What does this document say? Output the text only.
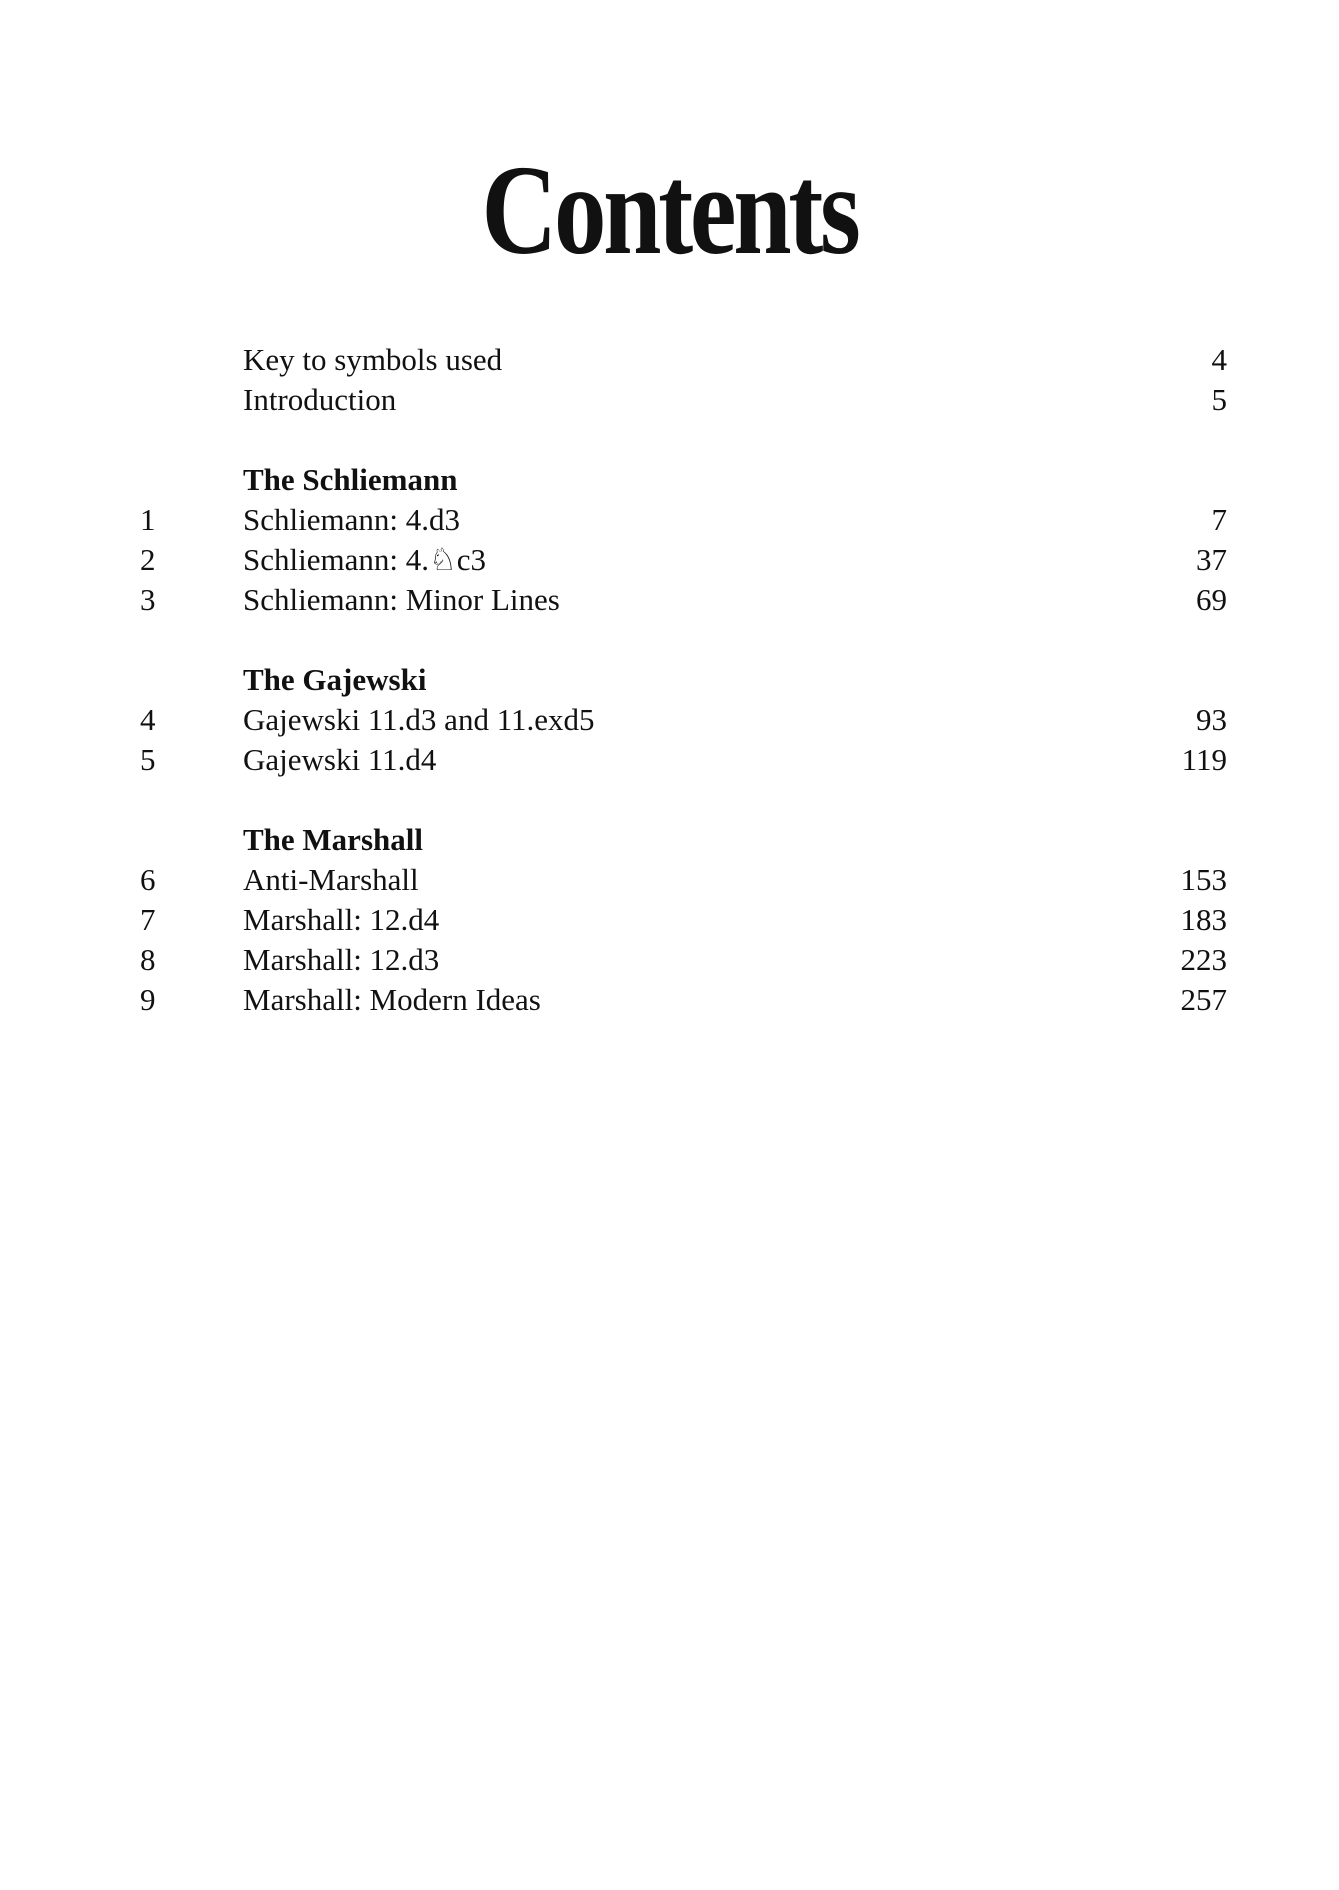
Contents
Key to symbols used	4
Introduction	5
The Schliemann
1	Schliemann: 4.d3	7
2	Schliemann: 4.♘c3	37
3	Schliemann: Minor Lines	69
The Gajewski
4	Gajewski 11.d3 and 11.exd5	93
5	Gajewski 11.d4	119
The Marshall
6	Anti-Marshall	153
7	Marshall: 12.d4	183
8	Marshall: 12.d3	223
9	Marshall: Modern Ideas	257
